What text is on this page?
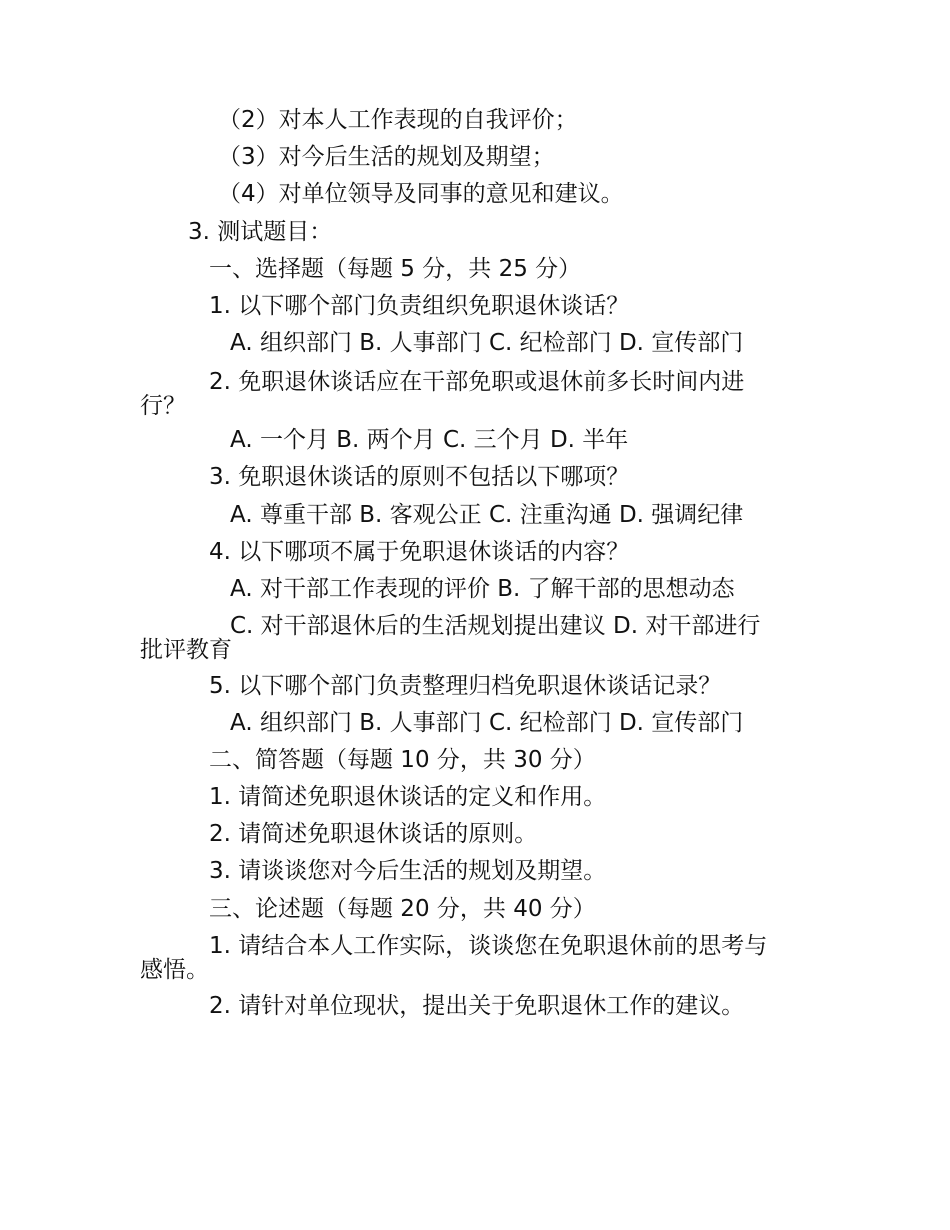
（2）对本人工作表现的自我评价；
（3）对今后生活的规划及期望；
（4）对单位领导及同事的意见和建议。
3. 测试题目：
一、选择题（每题 5 分，共 25 分）
1. 以下哪个部门负责组织免职退休谈话？
A. 组织部门 B. 人事部门 C. 纪检部门 D. 宣传部门
2. 免职退休谈话应在干部免职或退休前多长时间内进
行？
A. 一个月 B. 两个月 C. 三个月 D. 半年
3. 免职退休谈话的原则不包括以下哪项？
A. 尊重干部 B. 客观公正 C. 注重沟通 D. 强调纪律
4. 以下哪项不属于免职退休谈话的内容？
A. 对干部工作表现的评价 B. 了解干部的思想动态
C. 对干部退休后的生活规划提出建议 D. 对干部进行
批评教育
5. 以下哪个部门负责整理归档免职退休谈话记录？
A. 组织部门 B. 人事部门 C. 纪检部门 D. 宣传部门
二、简答题（每题 10 分，共 30 分）
1. 请简述免职退休谈话的定义和作用。
2. 请简述免职退休谈话的原则。
3. 请谈谈您对今后生活的规划及期望。
三、论述题（每题 20 分，共 40 分）
1. 请结合本人工作实际，谈谈您在免职退休前的思考与
感悟。
2. 请针对单位现状，提出关于免职退休工作的建议。
